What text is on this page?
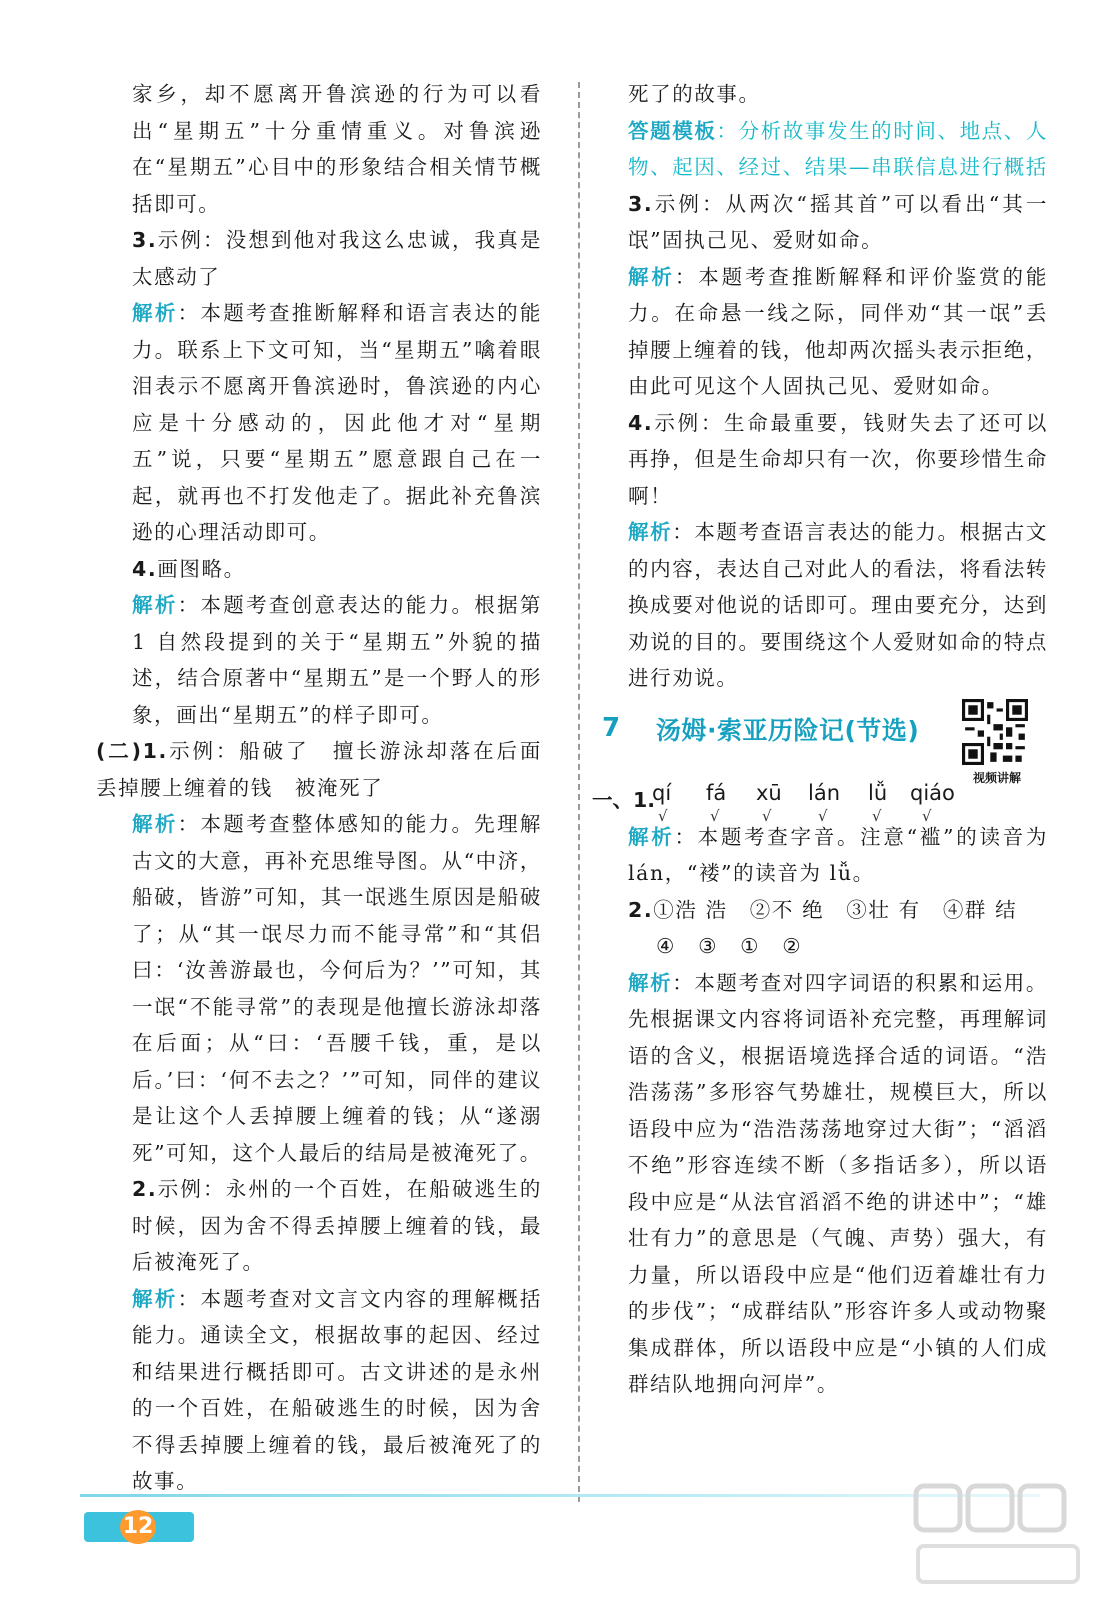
家乡，却不愿离开鲁滨逊的行为可以看出“星期五”十分重情重义。对鲁滨逊在“星期五”心目中的形象结合相关情节概括即可。

3.示例：没想到他对我这么忠诚，我真是太感动了

解析：本题考查推断解释和语言表达的能力。联系上下文可知，当“星期五”噙着眼泪表示不愿离开鲁滨逊时，鲁滨逊的内心应是十分感动的，因此他才对“星期五”说，只要“星期五”愿意跟自己在一起，就再也不打发他走了。据此补充鲁滨逊的心理活动即可。

4.画图略。

解析：本题考查创意表达的能力。根据第 1 自然段提到的关于“星期五”外貌的描述，结合原著中“星期五”是一个野人的形象，画出“星期五”的样子即可。

(二)1.示例：船破了　擅长游泳却落在后面　丢掉腰上缠着的钱　被淹死了

解析：本题考查整体感知的能力。先理解古文的大意，再补充思维导图。从“中济，船破，皆游”可知，其一氓逃生原因是船破了；从“其一氓尽力而不能寻常”和“其侣曰：‘汝善游最也，今何后为？’”可知，其一氓“不能寻常”的表现是他擅长游泳却落在后面；从“曰：‘吾腰千钱，重，是以后。’曰：‘何不去之？’”可知，同伴的建议是让这个人丢掉腰上缠着的钱；从“遂溺死”可知，这个人最后的结局是被淹死了。

2.示例：永州的一个百姓，在船破逃生的时候，因为舍不得丢掉腰上缠着的钱，最后被淹死了。

解析：本题考查对文言文内容的理解概括能力。通读全文，根据故事的起因、经过和结果进行概括即可。古文讲述的是永州的一个百姓，在船破逃生的时候，因为舍不得丢掉腰上缠着的钱，最后被淹死了的故事。

死了的故事。

答题模板：分析故事发生的时间、地点、人物、起因、经过、结果—串联信息进行概括

3.示例：从两次“摇其首”可以看出“其一氓”固执己见、爱财如命。

解析：本题考查推断解释和评价鉴赏的能力。在命悬一线之际，同伴劝“其一氓”丢掉腰上缠着的钱，他却两次摇头表示拒绝，由此可见这个人固执己见、爱财如命。

4.示例：生命最重要，钱财失去了还可以再挣，但是生命却只有一次，你要珍惜生命啊！

解析：本题考查语言表达的能力。根据古文的内容，表达自己对此人的看法，将看法转换成要对他说的话即可。理由要充分，达到劝说的目的。要围绕这个人爱财如命的特点进行劝说。

7 汤姆·索亚历险记(节选)
视频讲解
一、1.
qí fá xū lán lǚ qiáo
√	√	√	√	√	√

解析：本题考查字音。注意“褴”的读音为 lán，“褛”的读音为 lǚ。

2.①浩 浩　②不 绝　③壮 有　④群 结

④　③　①　②

解析：本题考查对四字词语的积累和运用。先根据课文内容将词语补充完整，再理解词语的含义，根据语境选择合适的词语。“浩浩荡荡”多形容气势雄壮，规模巨大，所以语段中应为“浩浩荡荡地穿过大街”；“滔滔不绝”形容连续不断（多指话多），所以语段中应是“从法官滔滔不绝的讲述中”；“雄壮有力”的意思是（气魄、声势）强大，有力量，所以语段中应是“他们迈着雄壮有力的步伐”；“成群结队”形容许多人或动物聚集成群体，所以语段中应是“小镇的人们成群结队地拥向河岸”。

12
